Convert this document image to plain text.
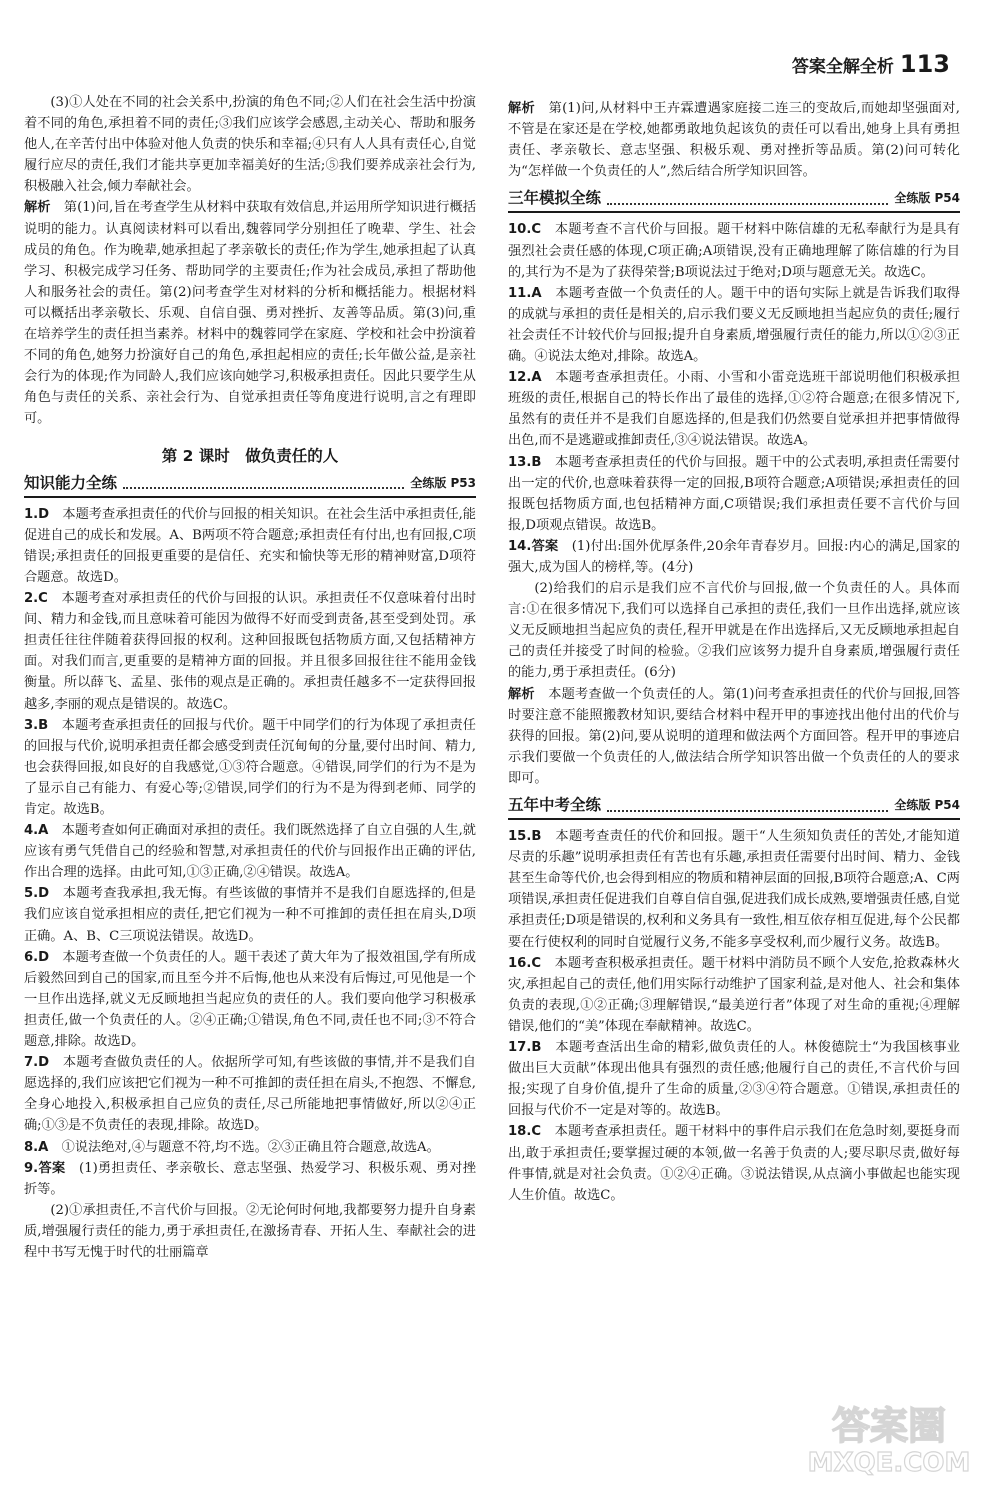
答案全解全析 113

(3)①人处在不同的社会关系中,扮演的角色不同;②人们在社会生活中扮演着不同的角色,承担着不同的责任;③我们应该学会感恩,主动关心、帮助和服务他人,在辛苦付出中体验对他人负责的快乐和幸福;④只有人人具有责任心,自觉履行应尽的责任,我们才能共享更加幸福美好的生活;⑤我们要养成亲社会行为,积极融入社会,倾力奉献社会。

解析　 第(1)问,旨在考查学生从材料中获取有效信息,并运用所学知识进行概括说明的能力。认真阅读材料可以看出,魏蓉同学分别担任了晚辈、学生、社会成员的角色。作为晚辈,她承担起了孝亲敬长的责任;作为学生,她承担起了认真学习、积极完成学习任务、帮助同学的主要责任;作为社会成员,承担了帮助他人和服务社会的责任。第(2)问考查学生对材料的分析和概括能力。根据材料可以概括出孝亲敬长、乐观、自信自强、勇对挫折、友善等品质。第(3)问,重在培养学生的责任担当素养。材料中的魏蓉同学在家庭、学校和社会中扮演着不同的角色,她努力扮演好自己的角色,承担起相应的责任;长年做公益,是亲社会行为的体现;作为同龄人,我们应该向她学习,积极承担责任。因此只要学生从角色与责任的关系、亲社会行为、自觉承担责任等角度进行说明,言之有理即可。

第 2 课时　做负责任的人
知识能力全练	全练版 P53

1.D　 本题考查承担责任的代价与回报的相关知识。在社会生活中承担责任,能促进自己的成长和发展。A、B两项不符合题意;承担责任有付出,也有回报,C项错误;承担责任的回报更重要的是信任、充实和愉快等无形的精神财富,D项符合题意。故选D。

2.C　 本题考查对承担责任的代价与回报的认识。承担责任不仅意味着付出时间、精力和金钱,而且意味着可能因为做得不好而受到责备,甚至受到处罚。承担责任往往伴随着获得回报的权利。这种回报既包括物质方面,又包括精神方面。对我们而言,更重要的是精神方面的回报。并且很多回报往往不能用金钱衡量。所以薛飞、孟星、张伟的观点是正确的。承担责任越多不一定获得回报越多,李丽的观点是错误的。故选C。

3.B　 本题考查承担责任的回报与代价。题干中同学们的行为体现了承担责任的回报与代价,说明承担责任都会感受到责任沉甸甸的分量,要付出时间、精力,也会获得回报,如良好的自我感觉,①③符合题意。④错误,同学们的行为不是为了显示自己有能力、有爱心等;②错误,同学们的行为不是为得到老师、同学的肯定。故选B。

4.A　 本题考查如何正确面对承担的责任。我们既然选择了自立自强的人生,就应该有勇气凭借自己的经验和智慧,对承担责任的代价与回报作出正确的评估,作出合理的选择。由此可知,①③正确,②④错误。故选A。

5.D　 本题考查我承担,我无悔。有些该做的事情并不是我们自愿选择的,但是我们应该自觉承担相应的责任,把它们视为一种不可推卸的责任担在肩头,D项正确。A、B、C三项说法错误。故选D。

6.D　 本题考查做一个负责任的人。题干表述了黄大年为了报效祖国,学有所成后毅然回到自己的国家,而且至今并不后悔,他也从来没有后悔过,可见他是一个一旦作出选择,就义无反顾地担当起应负的责任的人。我们要向他学习积极承担责任,做一个负责任的人。②④正确;①错误,角色不同,责任也不同;③不符合题意,排除。故选D。

7.D　 本题考查做负责任的人。依据所学可知,有些该做的事情,并不是我们自愿选择的,我们应该把它们视为一种不可推卸的责任担在肩头,不抱怨、不懈怠,全身心地投入,积极承担自己应负的责任,尽己所能地把事情做好,所以②④正确;①③是不负责任的表现,排除。故选D。

8.A　 ①说法绝对,④与题意不符,均不选。②③正确且符合题意,故选A。

9.答案　 (1)勇担责任、孝亲敬长、意志坚强、热爱学习、积极乐观、勇对挫折等。

(2)①承担责任,不言代价与回报。②无论何时何地,我都要努力提升自身素质,增强履行责任的能力,勇于承担责任,在激扬青春、开拓人生、奉献社会的进程中书写无愧于时代的壮丽篇章

解析　 第(1)问,从材料中王卉霖遭遇家庭接二连三的变故后,而她却坚强面对,不管是在家还是在学校,她都勇敢地负起该负的责任可以看出,她身上具有勇担责任、孝亲敬长、意志坚强、积极乐观、勇对挫折等品质。第(2)问可转化为“怎样做一个负责任的人”,然后结合所学知识回答。

三年模拟全练	全练版 P54

10.C　 本题考查不言代价与回报。题干材料中陈信雄的无私奉献行为是具有强烈社会责任感的体现,C项正确;A项错误,没有正确地理解了陈信雄的行为目的,其行为不是为了获得荣誉;B项说法过于绝对;D项与题意无关。故选C。

11.A　 本题考查做一个负责任的人。题干中的语句实际上就是告诉我们取得的成就与承担的责任是相关的,启示我们要义无反顾地担当起应负的责任;履行社会责任不计较代价与回报;提升自身素质,增强履行责任的能力,所以①②③正确。④说法太绝对,排除。故选A。

12.A　 本题考查承担责任。小雨、小雪和小雷竞选班干部说明他们积极承担班级的责任,根据自己的特长作出了最佳的选择,①②符合题意;在很多情况下,虽然有的责任并不是我们自愿选择的,但是我们仍然要自觉承担并把事情做得出色,而不是逃避或推卸责任,③④说法错误。故选A。

13.B　 本题考查承担责任的代价与回报。题干中的公式表明,承担责任需要付出一定的代价,也意味着获得一定的回报,B项符合题意;A项错误;承担责任的回报既包括物质方面,也包括精神方面,C项错误;我们承担责任要不言代价与回报,D项观点错误。故选B。

14.答案　 (1)付出:国外优厚条件,20余年青春岁月。回报:内心的满足,国家的强大,成为国人的榜样,等。(4分)

(2)给我们的启示是我们应不言代价与回报,做一个负责任的人。具体而言:①在很多情况下,我们可以选择自己承担的责任,我们一旦作出选择,就应该义无反顾地担当起应负的责任,程开甲就是在作出选择后,又无反顾地承担起自己的责任并接受了时间的检验。②我们应该努力提升自身素质,增强履行责任的能力,勇于承担责任。(6分)

解析　 本题考查做一个负责任的人。第(1)问考查承担责任的代价与回报,回答时要注意不能照搬教材知识,要结合材料中程开甲的事迹找出他付出的代价与获得的回报。第(2)问,要从说明的道理和做法两个方面回答。程开甲的事迹启示我们要做一个负责任的人,做法结合所学知识答出做一个负责任的人的要求即可。

五年中考全练	全练版 P54

15.B　 本题考查责任的代价和回报。题干“人生须知负责任的苦处,才能知道尽责的乐趣”说明承担责任有苦也有乐趣,承担责任需要付出时间、精力、金钱甚至生命等代价,也会得到相应的物质和精神层面的回报,B项符合题意;A、C两项错误,承担责任促进我们自尊自信自强,促进我们成长成熟,要增强责任感,自觉承担责任;D项是错误的,权利和义务具有一致性,相互依存相互促进,每个公民都要在行使权利的同时自觉履行义务,不能多享受权利,而少履行义务。故选B。

16.C　 本题考查积极承担责任。题干材料中消防员不顾个人安危,抢救森林火灾,承担起自己的责任,他们用实际行动维护了国家利益,是对他人、社会和集体负责的表现,①②正确;③理解错误,“最美逆行者”体现了对生命的重视;④理解错误,他们的“美”体现在奉献精神。故选C。

17.B　 本题考查活出生命的精彩,做负责任的人。林俊德院士“为我国核事业做出巨大贡献”体现出他具有强烈的责任感;他履行自己的责任,不言代价与回报;实现了自身价值,提升了生命的质量,②③④符合题意。①错误,承担责任的回报与代价不一定是对等的。故选B。

18.C　 本题考查承担责任。题干材料中的事件启示我们在危急时刻,要挺身而出,敢于承担责任;要掌握过硬的本领,做一名善于负责的人;要尽职尽责,做好每件事情,就是对社会负责。①②④正确。③说法错误,从点滴小事做起也能实现人生价值。故选C。

答案圈
MXQE.COM
